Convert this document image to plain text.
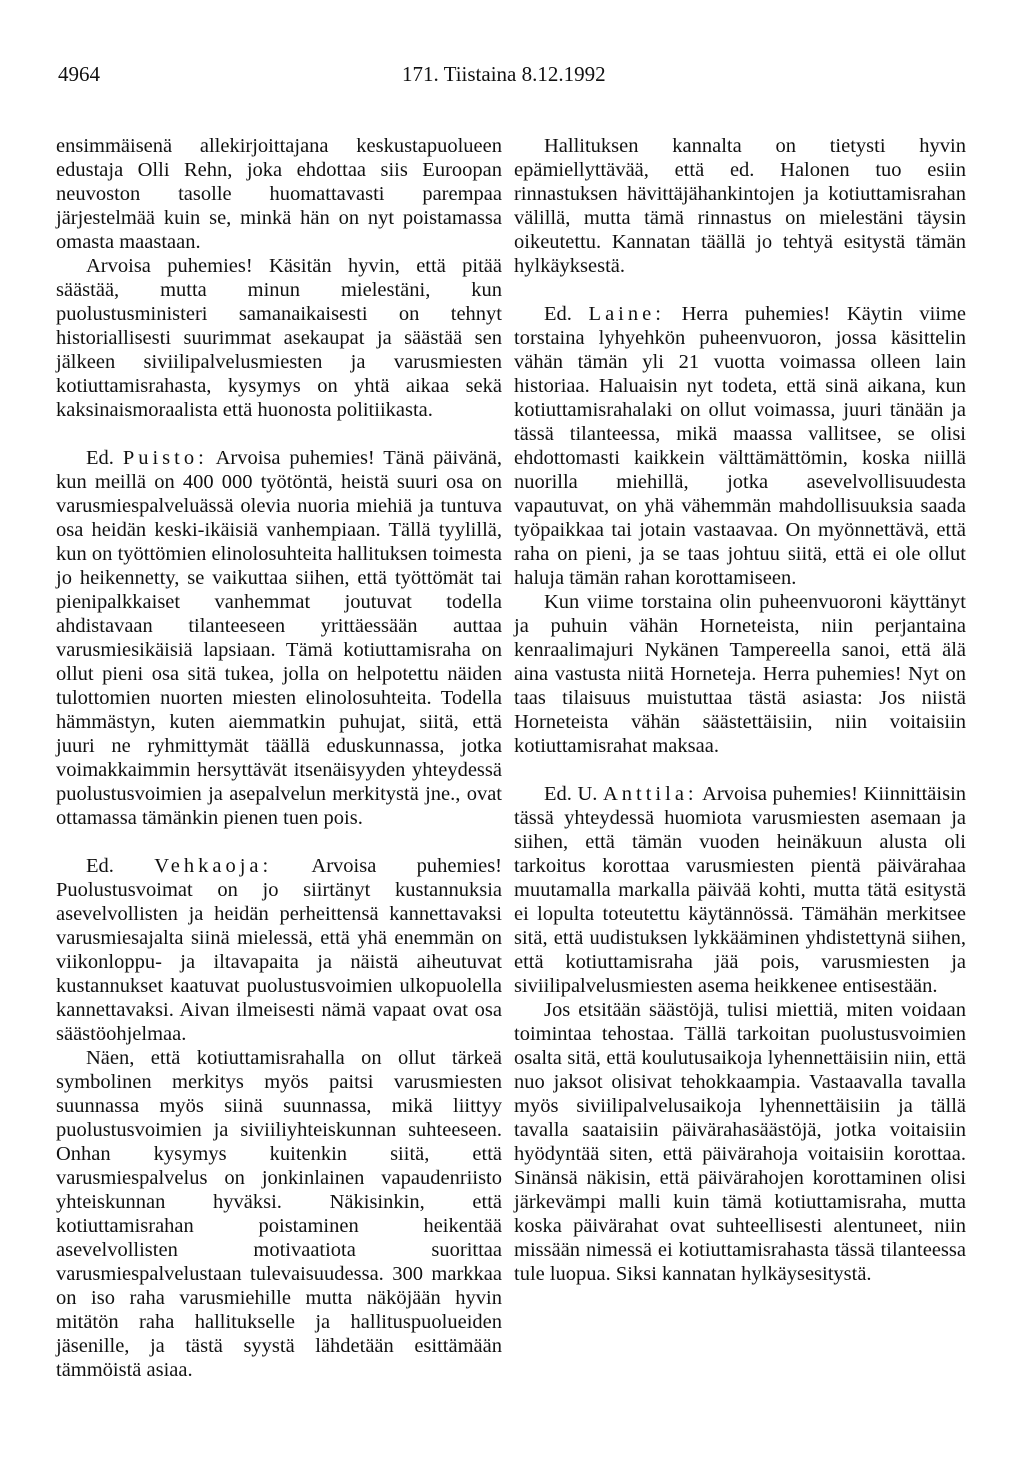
4964	171. Tiistaina 8.12.1992

ensimmäisenä allekirjoittajana keskustapuolueen edustaja Olli Rehn, joka ehdottaa siis Euroopan neuvoston tasolle huomattavasti parempaa järjestelmää kuin se, minkä hän on nyt poistamassa omasta maastaan.

Arvoisa puhemies! Käsitän hyvin, että pitää säästää, mutta minun mielestäni, kun puolustusministeri samanaikaisesti on tehnyt historiallisesti suurimmat asekaupat ja säästää sen jälkeen siviilipalvelusmiesten ja varusmiesten kotiuttamisrahasta, kysymys on yhtä aikaa sekä kaksinaismoraalista että huonosta politiikasta.

Ed. Puisto: Arvoisa puhemies! Tänä päivänä, kun meillä on 400 000 työtöntä, heistä suuri osa on varusmiespalveluässä olevia nuoria miehiä ja tuntuva osa heidän keski-ikäisiä vanhempiaan. Tällä tyylillä, kun on työttömien elinolosuhteita hallituksen toimesta jo heikennetty, se vaikuttaa siihen, että työttömät tai pienipalkkaiset vanhemmat joutuvat todella ahdistavaan tilanteeseen yrittäessään auttaa varusmiesikäisiä lapsiaan. Tämä kotiuttamisraha on ollut pieni osa sitä tukea, jolla on helpotettu näiden tulottomien nuorten miesten elinolosuhteita. Todella hämmästyn, kuten aiemmatkin puhujat, siitä, että juuri ne ryhmittymät täällä eduskunnassa, jotka voimakkaimmin hersyttävät itsenäisyyden yhteydessä puolustusvoimien ja asepalvelun merkitystä jne., ovat ottamassa tämänkin pienen tuen pois.

Ed. Vehkaoja: Arvoisa puhemies! Puolustusvoimat on jo siirtänyt kustannuksia asevelvollisten ja heidän perheittensä kannettavaksi varusmiesajalta siinä mielessä, että yhä enemmän on viikonloppu- ja iltavapaita ja näistä aiheutuvat kustannukset kaatuvat puolustusvoimien ulkopuolella kannettavaksi. Aivan ilmeisesti nämä vapaat ovat osa säästöohjelmaa.

Näen, että kotiuttamisrahalla on ollut tärkeä symbolinen merkitys myös paitsi varusmiesten suunnassa myös siinä suunnassa, mikä liittyy puolustusvoimien ja siviiliyhteiskunnan suhteeseen. Onhan kysymys kuitenkin siitä, että varusmiespalvelus on jonkinlainen vapaudenriisto yhteiskunnan hyväksi. Näkisinkin, että kotiuttamisrahan poistaminen heikentää asevelvollisten motivaatiota suorittaa varusmiespalvelustaan tulevaisuudessa. 300 markkaa on iso raha varusmiehille mutta näköjään hyvin mitätön raha hallitukselle ja hallituspuolueiden jäsenille, ja tästä syystä lähdetään esittämään tämmöistä asiaa.

Hallituksen kannalta on tietysti hyvin epämiellyttävää, että ed. Halonen tuo esiin rinnastuksen hävittäjähankintojen ja kotiuttamisrahan välillä, mutta tämä rinnastus on mielestäni täysin oikeutettu. Kannatan täällä jo tehtyä esitystä tämän hylkäyksestä.

Ed. Laine: Herra puhemies! Käytin viime torstaina lyhyehkön puheenvuoron, jossa käsittelin vähän tämän yli 21 vuotta voimassa olleen lain historiaa. Haluaisin nyt todeta, että sinä aikana, kun kotiuttamisrahalaki on ollut voimassa, juuri tänään ja tässä tilanteessa, mikä maassa vallitsee, se olisi ehdottomasti kaikkein välttämättömin, koska niillä nuorilla miehillä, jotka asevelvollisuudesta vapautuvat, on yhä vähemmän mahdollisuuksia saada työpaikkaa tai jotain vastaavaa. On myönnettävä, että raha on pieni, ja se taas johtuu siitä, että ei ole ollut haluja tämän rahan korottamiseen.

Kun viime torstaina olin puheenvuoroni käyttänyt ja puhuin vähän Horneteista, niin perjantaina kenraalimajuri Nykänen Tampereella sanoi, että älä aina vastusta niitä Horneteja. Herra puhemies! Nyt on taas tilaisuus muistuttaa tästä asiasta: Jos niistä Horneteista vähän säästettäisiin, niin voitaisiin kotiuttamisrahat maksaa.

Ed. U. Anttila: Arvoisa puhemies! Kiinnittäisin tässä yhteydessä huomiota varusmiesten asemaan ja siihen, että tämän vuoden heinäkuun alusta oli tarkoitus korottaa varusmiesten pientä päivärahaa muutamalla markalla päivää kohti, mutta tätä esitystä ei lopulta toteutettu käytännössä. Tämähän merkitsee sitä, että uudistuksen lykkääminen yhdistettynä siihen, että kotiuttamisraha jää pois, varusmiesten ja siviilipalvelusmiesten asema heikkenee entisestään.

Jos etsitään säästöjä, tulisi miettiä, miten voidaan toimintaa tehostaa. Tällä tarkoitan puolustusvoimien osalta sitä, että koulutusaikoja lyhennettäisiin niin, että nuo jaksot olisivat tehokkaampia. Vastaavalla tavalla myös siviilipalvelusaikoja lyhennettäisiin ja tällä tavalla saataisiin päivärahasäästöjä, jotka voitaisiin hyödyntää siten, että päivärahoja voitaisiin korottaa. Sinänsä näkisin, että päivärahojen korottaminen olisi järkevämpi malli kuin tämä kotiuttamisraha, mutta koska päivärahat ovat suhteellisesti alentuneet, niin missään nimessä ei kotiuttamisrahasta tässä tilanteessa tule luopua. Siksi kannatan hylkäysesitystä.
